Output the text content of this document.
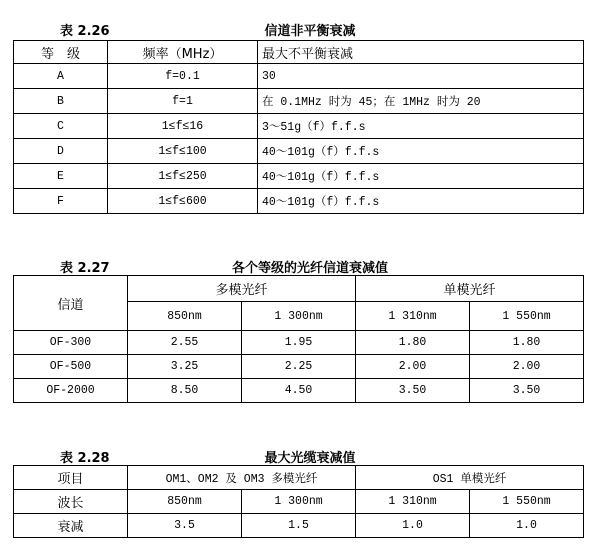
表 2.26	信道非平衡衰减
等　级	频率（MHz）	最大不平衡衰减
A	f=0.1	30
B	f=1	在 0.1MHz 时为 45；在 1MHz 时为 20
C	1≤f≤16	3～51g（f）f.f.s
D	1≤f≤100	40～101g（f）f.f.s
E	1≤f≤250	40～101g（f）f.f.s
F	1≤f≤600	40～101g（f）f.f.s
表 2.27	各个等级的光纤信道衰减值
信道	多模光纤		单模光纤	
	850nm	1 300nm	1 310nm	1 550nm
OF-300	2.55	1.95	1.80	1.80
OF-500	3.25	2.25	2.00	2.00
OF-2000	8.50	4.50	3.50	3.50
表 2.28	最大光缆衰减值
项目	OM1、OM2 及 OM3 多模光纤		OS1 单模光纤	
波长	850nm	1 300nm	1 310nm	1 550nm
衰减	3.5	1.5	1.0	1.0
